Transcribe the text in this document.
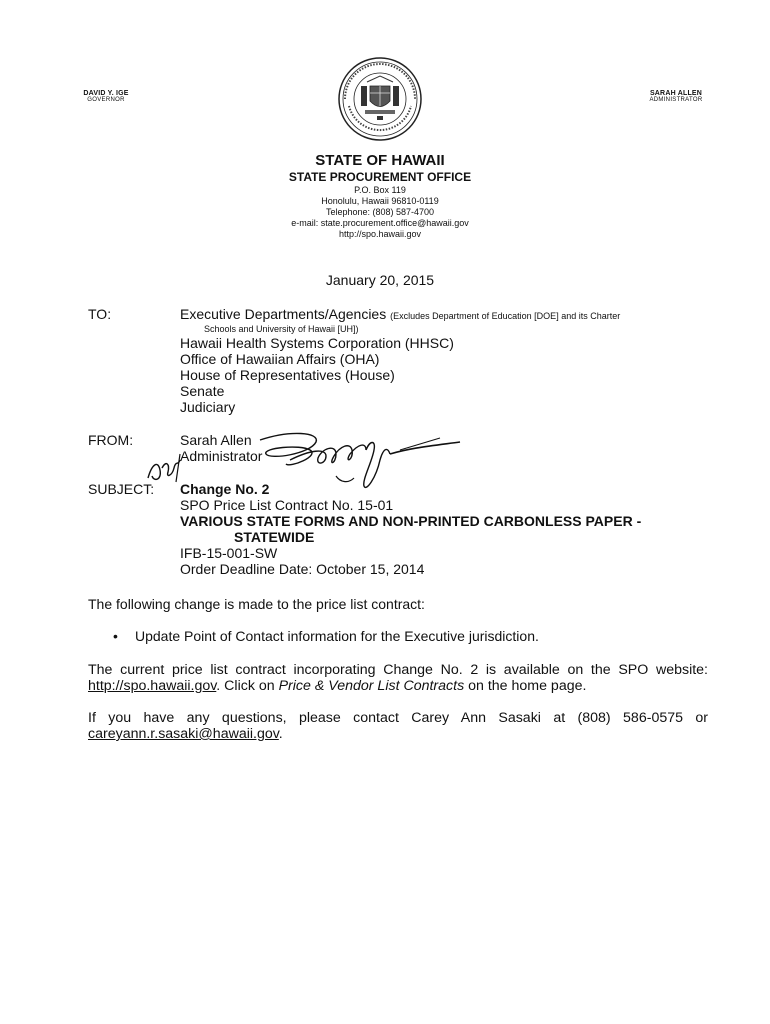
DAVID Y. IGE
GOVERNOR
SARAH ALLEN
ADMINISTRATOR
STATE OF HAWAII
STATE PROCUREMENT OFFICE
P.O. Box 119
Honolulu, Hawaii 96810-0119
Telephone: (808) 587-4700
e-mail: state.procurement.office@hawaii.gov
http://spo.hawaii.gov
January 20, 2015
TO:	Executive Departments/Agencies (Excludes Department of Education [DOE] and its Charter
Schools and University of Hawaii [UH])
Hawaii Health Systems Corporation (HHSC)
Office of Hawaiian Affairs (OHA)
House of Representatives (House)
Senate
Judiciary
FROM:	Sarah Allen
Administrator
SUBJECT: Change No. 2
SPO Price List Contract No. 15-01
VARIOUS STATE FORMS AND NON-PRINTED CARBONLESS PAPER -
STATEWIDE
IFB-15-001-SW
Order Deadline Date: October 15, 2014
The following change is made to the price list contract:
• Update Point of Contact information for the Executive jurisdiction.
The current price list contract incorporating Change No. 2 is available on the SPO website: http://spo.hawaii.gov. Click on Price & Vendor List Contracts on the home page.
If you have any questions, please contact Carey Ann Sasaki at (808) 586-0575 or careyann.r.sasaki@hawaii.gov.
